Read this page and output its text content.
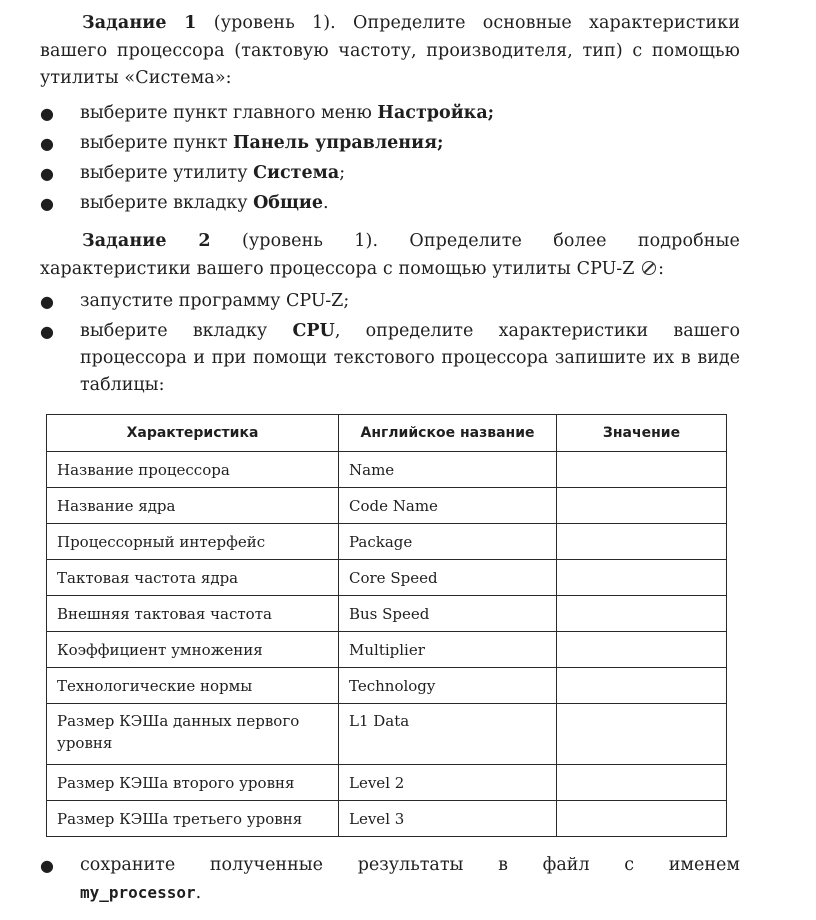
Задание 1 (уровень 1). Определите основные характеристики вашего процессора (тактовую частоту, производителя, тип) с помощью утилиты «Система»:
●	выберите пункт главного меню Настройка;
●	выберите пункт Панель управления;
●	выберите утилиту Система;
●	выберите вкладку Общие.
Задание 2 (уровень 1). Определите более подробные характеристики вашего процессора с помощью утилиты CPU-Z :
●	запустите программу CPU-Z;
●	выберите вкладку CPU, определите характеристики вашего процессора и при помощи текстового процессора запишите их в виде таблицы:
Характеристика	Английское название	Значение
Название процессора	Name	
Название ядра	Code Name	
Процессорный интерфейс	Package	
Тактовая частота ядра	Core Speed	
Внешняя тактовая частота	Bus Speed	
Коэффициент умножения	Multiplier	
Технологические нормы	Technology	
Размер КЭШа данных первого уровня	L1 Data	
Размер КЭШа второго уровня	Level 2	
Размер КЭШа третьего уровня	Level 3	
●	сохраните полученные результаты в файл с именем
my_processor.
